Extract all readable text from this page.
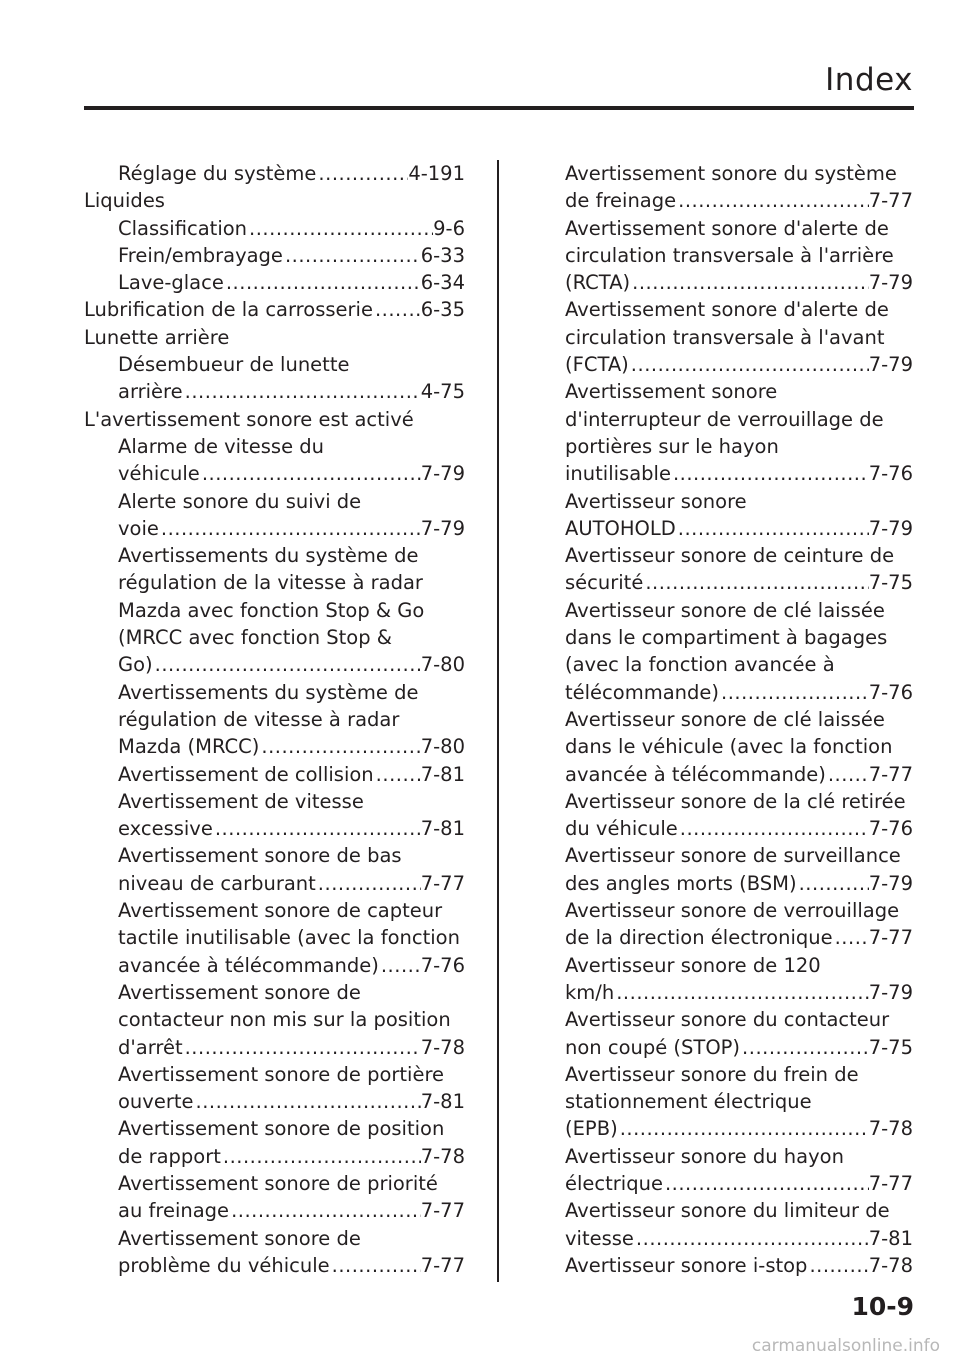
Index
Réglage du système .....	4-191
Liquides
Classification .....	9-6
Frein/embrayage .....	6-33
Lave-glace .....	6-34
Lubrification de la carrosserie ..... 6-35
Lunette arrière
Désembueur de lunette
arrière .....	4-75
L'avertissement sonore est activé
Alarme de vitesse du
véhicule .....	7-79
Alerte sonore du suivi de
voie .....	7-79
Avertissements du système de
régulation de la vitesse à radar
Mazda avec fonction Stop & Go
(MRCC avec fonction Stop &
Go) .....	7-80
Avertissements du système de
régulation de vitesse à radar
Mazda (MRCC) .....	7-80
Avertissement de collision ..... 7-81
Avertissement de vitesse
excessive .....	7-81
Avertissement sonore de bas
niveau de carburant .....	7-77
Avertissement sonore de capteur
tactile inutilisable (avec la fonction
avancée à télécommande) ..... 7-76
Avertissement sonore de
contacteur non mis sur la position
d'arrêt .....	7-78
Avertissement sonore de portière
ouverte .....	7-81
Avertissement sonore de position
de rapport .....	7-78
Avertissement sonore de priorité
au freinage .....	7-77
Avertissement sonore de
problème du véhicule .....	7-77
Avertissement sonore du système
de freinage .....	7-77
Avertissement sonore d'alerte de
circulation transversale à l'arrière
(RCTA) .....	7-79
Avertissement sonore d'alerte de
circulation transversale à l'avant
(FCTA) .....	7-79
Avertissement sonore
d'interrupteur de verrouillage de
portières sur le hayon
inutilisable .....	7-76
Avertisseur sonore
AUTOHOLD .....	7-79
Avertisseur sonore de ceinture de
sécurité .....	7-75
Avertisseur sonore de clé laissée
dans le compartiment à bagages
(avec la fonction avancée à
télécommande) .....	7-76
Avertisseur sonore de clé laissée
dans le véhicule (avec la fonction
avancée à télécommande) ..... 7-77
Avertisseur sonore de la clé retirée
du véhicule .....	7-76
Avertisseur sonore de surveillance
des angles morts (BSM) .....	7-79
Avertisseur sonore de verrouillage
de la direction électronique ..... 7-77
Avertisseur sonore de 120
km/h .....	7-79
Avertisseur sonore du contacteur
non coupé (STOP) .....	7-75
Avertisseur sonore du frein de
stationnement électrique
(EPB) .....	7-78
Avertisseur sonore du hayon
électrique .....	7-77
Avertisseur sonore du limiteur de
vitesse .....	7-81
Avertisseur sonore i-stop .....	7-78
10-9
carmanualsonline.info
